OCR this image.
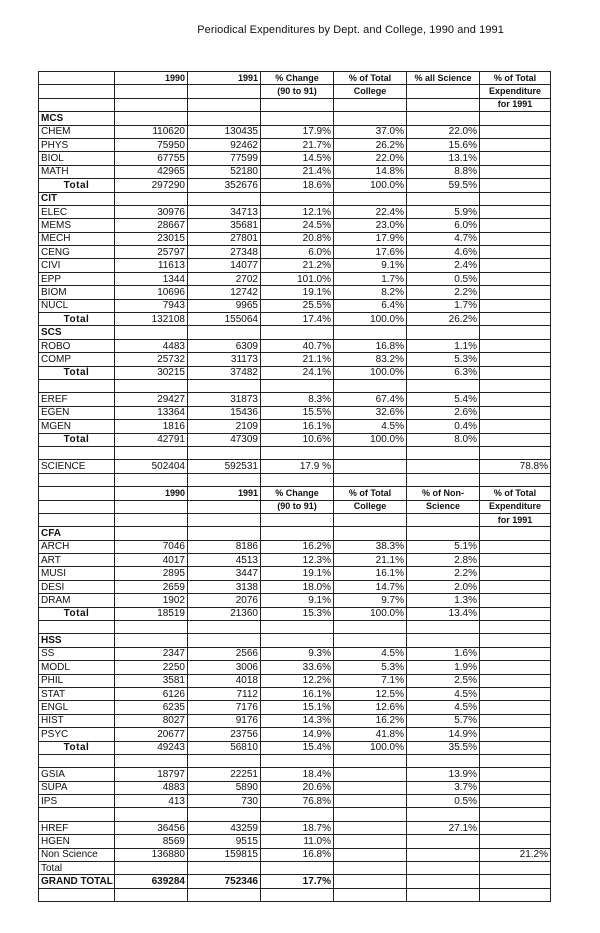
Periodical Expenditures by Dept. and College, 1990 and 1991
	1990	1991	% Change	% of Total	% all Science	% of Total
			(90 to 91)	College		Expenditure
						for 1991
MCS						
CHEM	110620	130435	17.9%	37.0%	22.0%	
PHYS	75950	92462	21.7%	26.2%	15.6%	
BIOL	67755	77599	14.5%	22.0%	13.1%	
MATH	42965	52180	21.4%	14.8%	8.8%	
Total	297290	352676	18.6%	100.0%	59.5%	
CIT						
ELEC	30976	34713	12.1%	22.4%	5.9%	
MEMS	28667	35681	24.5%	23.0%	6.0%	
MECH	23015	27801	20.8%	17.9%	4.7%	
CENG	25797	27348	6.0%	17.6%	4.6%	
CIVI	11613	14077	21.2%	9.1%	2.4%	
EPP	1344	2702	101.0%	1.7%	0.5%	
BIOM	10696	12742	19.1%	8.2%	2.2%	
NUCL	7943	9965	25.5%	6.4%	1.7%	
Total	132108	155064	17.4%	100.0%	26.2%	
SCS						
ROBO	4483	6309	40.7%	16.8%	1.1%	
COMP	25732	31173	21.1%	83.2%	5.3%	
Total	30215	37482	24.1%	100.0%	6.3%	

EREF	29427	31873	8.3%	67.4%	5.4%	
EGEN	13364	15436	15.5%	32.6%	2.6%	
MGEN	1816	2109	16.1%	4.5%	0.4%	
Total	42791	47309	10.6%	100.0%	8.0%	

SCIENCE	502404	592531	17.9 %			78.8%

	1990	1991	% Change	% of Total	% of Non-	% of Total
			(90 to 91)	College	Science	Expenditure
						for 1991
CFA						
ARCH	7046	8186	16.2%	38.3%	5.1%	
ART	4017	4513	12.3%	21.1%	2.8%	
MUSI	2895	3447	19.1%	16.1%	2.2%	
DESI	2659	3138	18.0%	14.7%	2.0%	
DRAM	1902	2076	9.1%	9.7%	1.3%	
Total	18519	21360	15.3%	100.0%	13.4%	

HSS						
SS	2347	2566	9.3%	4.5%	1.6%	
MODL	2250	3006	33.6%	5.3%	1.9%	
PHIL	3581	4018	12.2%	7.1%	2.5%	
STAT	6126	7112	16.1%	12.5%	4.5%	
ENGL	6235	7176	15.1%	12.6%	4.5%	
HIST	8027	9176	14.3%	16.2%	5.7%	
PSYC	20677	23756	14.9%	41.8%	14.9%	
Total	49243	56810	15.4%	100.0%	35.5%	

GSIA	18797	22251	18.4%		13.9%	
SUPA	4883	5890	20.6%		3.7%	
IPS	413	730	76.8%		0.5%	

HREF	36456	43259	18.7%		27.1%	
HGEN	8569	9515	11.0%			
Non Science	136880	159815	16.8%			21.2%
Total						
GRAND TOTAL	639284	752346	17.7%			
